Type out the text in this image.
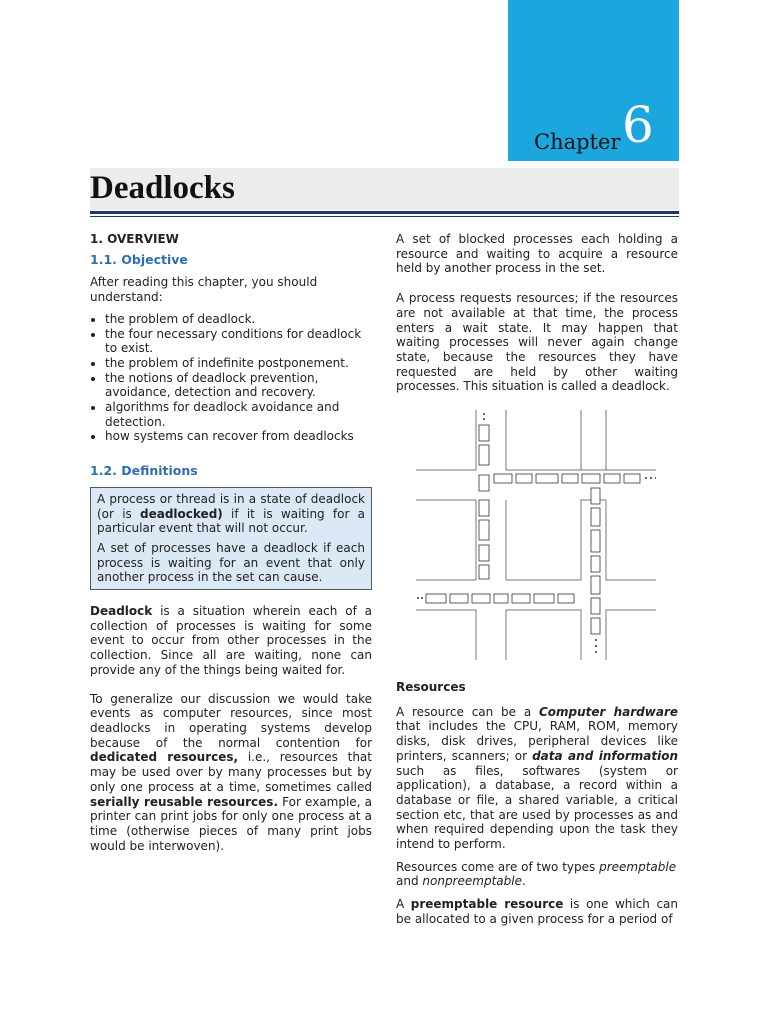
Chapter 6
Deadlocks
1. OVERVIEW
1.1. Objective

After reading this chapter, you should understand:

• the problem of deadlock.
• the four necessary conditions for deadlock to exist.
• the problem of indefinite postponement.
• the notions of deadlock prevention, avoidance, detection and recovery.
• algorithms for deadlock avoidance and detection.
• how systems can recover from deadlocks
1.2. Definitions

A process or thread is in a state of deadlock (or is deadlocked) if it is waiting for a particular event that will not occur.

A set of processes have a deadlock if each process is waiting for an event that only another process in the set can cause.

Deadlock is a situation wherein each of a collection of processes is waiting for some event to occur from other processes in the collection. Since all are waiting, none can provide any of the things being waited for.

To generalize our discussion we would take events as computer resources, since most deadlocks in operating systems develop because of the normal contention for dedicated resources, i.e., resources that may be used over by many processes but by only one process at a time, sometimes called serially reusable resources. For example, a printer can print jobs for only one process at a time (otherwise pieces of many print jobs would be interwoven).

A set of blocked processes each holding a resource and waiting to acquire a resource held by another process in the set.

A process requests resources; if the resources are not available at that time, the process enters a wait state. It may happen that waiting processes will never again change state, because the resources they have requested are held by other waiting processes. This situation is called a deadlock.

Resources

A resource can be a Computer hardware that includes the CPU, RAM, ROM, memory disks, disk drives, peripheral devices like printers, scanners; or data and information such as files, softwares (system or application), a database, a record within a database or file, a shared variable, a critical section etc, that are used by processes as and when required depending upon the task they intend to perform.

Resources come are of two types preemptable and nonpreemptable.

A preemptable resource is one which can be allocated to a given process for a period of
